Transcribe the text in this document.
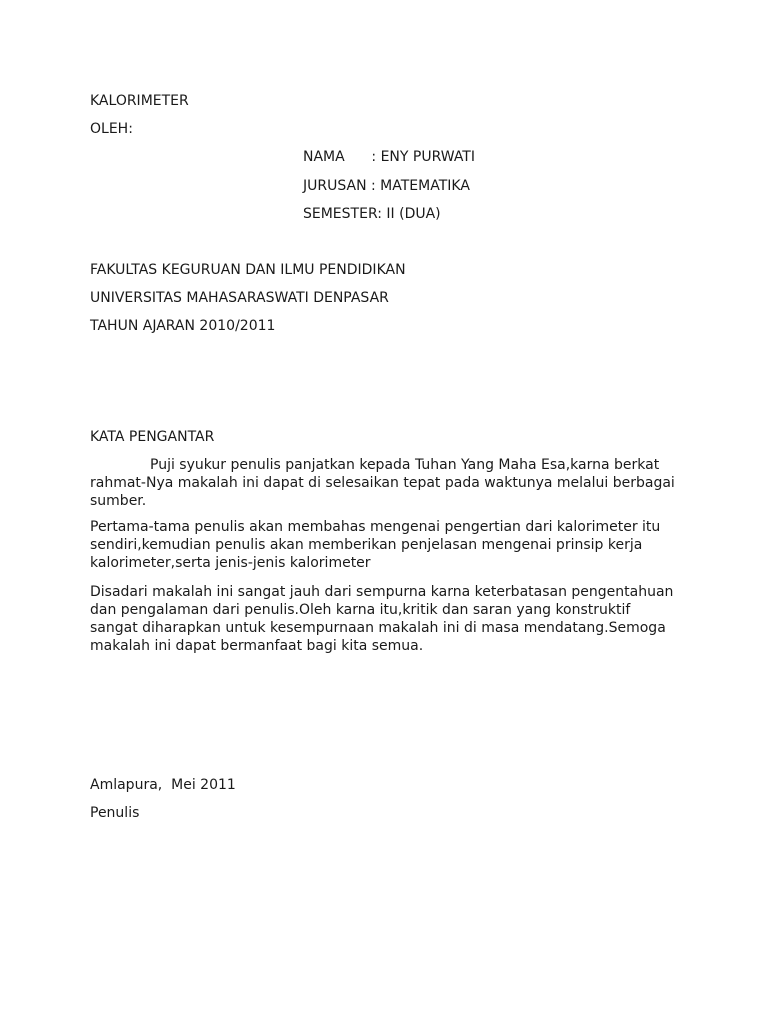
KALORIMETER
OLEH:
NAMA      : ENY PURWATI
JURUSAN : MATEMATIKA
SEMESTER: II (DUA)
FAKULTAS KEGURUAN DAN ILMU PENDIDIKAN
UNIVERSITAS MAHASARASWATI DENPASAR
TAHUN AJARAN 2010/2011
KATA PENGANTAR

Puji syukur penulis panjatkan kepada Tuhan Yang Maha Esa,karna berkat rahmat-Nya makalah ini dapat di selesaikan tepat pada waktunya melalui berbagai sumber.

Pertama-tama penulis akan membahas mengenai pengertian dari kalorimeter itu sendiri,kemudian penulis akan memberikan penjelasan mengenai prinsip kerja kalorimeter,serta jenis-jenis kalorimeter

Disadari makalah ini sangat jauh dari sempurna karna keterbatasan pengentahuan dan pengalaman dari penulis.Oleh karna itu,kritik dan saran yang konstruktif sangat diharapkan untuk kesempurnaan makalah ini di masa mendatang.Semoga makalah ini dapat bermanfaat bagi kita semua.

Amlapura,  Mei 2011
Penulis
